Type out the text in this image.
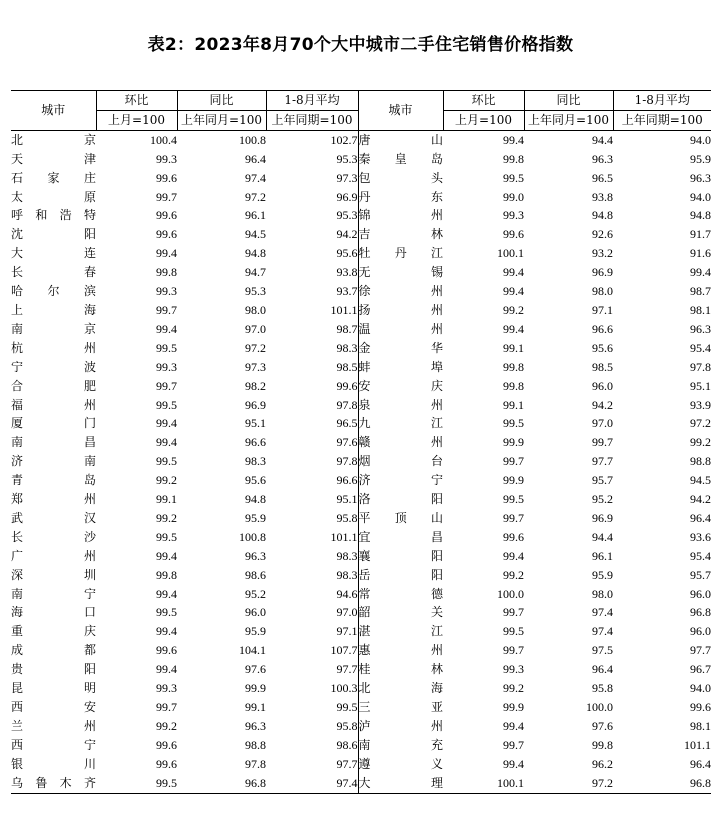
表2：2023年8月70个大中城市二手住宅销售价格指数
城市	环比	同比	1-8月平均	城市	环比	同比	1-8月平均
	上月=100	上年同月=100	上年同期=100		上月=100	上年同月=100	上年同期=100
北京	100.4	100.8	102.7	唐山	99.4	94.4	94.0
天津	99.3	96.4	95.3	秦皇岛	99.8	96.3	95.9
石家庄	99.6	97.4	97.3	包头	99.5	96.5	96.3
太原	99.7	97.2	96.9	丹东	99.0	93.8	94.0
呼和浩特	99.6	96.1	95.3	锦州	99.3	94.8	94.8
沈阳	99.6	94.5	94.2	吉林	99.6	92.6	91.7
大连	99.4	94.8	95.6	牡丹江	100.1	93.2	91.6
长春	99.8	94.7	93.8	无锡	99.4	96.9	99.4
哈尔滨	99.3	95.3	93.7	徐州	99.4	98.0	98.7
上海	99.7	98.0	101.1	扬州	99.2	97.1	98.1
南京	99.4	97.0	98.7	温州	99.4	96.6	96.3
杭州	99.5	97.2	98.3	金华	99.1	95.6	95.4
宁波	99.3	97.3	98.5	蚌埠	99.8	98.5	97.8
合肥	99.7	98.2	99.6	安庆	99.8	96.0	95.1
福州	99.5	96.9	97.8	泉州	99.1	94.2	93.9
厦门	99.4	95.1	96.5	九江	99.5	97.0	97.2
南昌	99.4	96.6	97.6	赣州	99.9	99.7	99.2
济南	99.5	98.3	97.8	烟台	99.7	97.7	98.8
青岛	99.2	95.6	96.6	济宁	99.9	95.7	94.5
郑州	99.1	94.8	95.1	洛阳	99.5	95.2	94.2
武汉	99.2	95.9	95.8	平顶山	99.7	96.9	96.4
长沙	99.5	100.8	101.1	宜昌	99.6	94.4	93.6
广州	99.4	96.3	98.3	襄阳	99.4	96.1	95.4
深圳	99.8	98.6	98.3	岳阳	99.2	95.9	95.7
南宁	99.4	95.2	94.6	常德	100.0	98.0	96.0
海口	99.5	96.0	97.0	韶关	99.7	97.4	96.8
重庆	99.4	95.9	97.1	湛江	99.5	97.4	96.0
成都	99.6	104.1	107.7	惠州	99.7	97.5	97.7
贵阳	99.4	97.6	97.7	桂林	99.3	96.4	96.7
昆明	99.3	99.9	100.3	北海	99.2	95.8	94.0
西安	99.7	99.1	99.5	三亚	99.9	100.0	99.6
兰州	99.2	96.3	95.8	泸州	99.4	97.6	98.1
西宁	99.6	98.8	98.6	南充	99.7	99.8	101.1
银川	99.6	97.8	97.7	遵义	99.4	96.2	96.4
乌鲁木齐	99.5	96.8	97.4	大理	100.1	97.2	96.8
